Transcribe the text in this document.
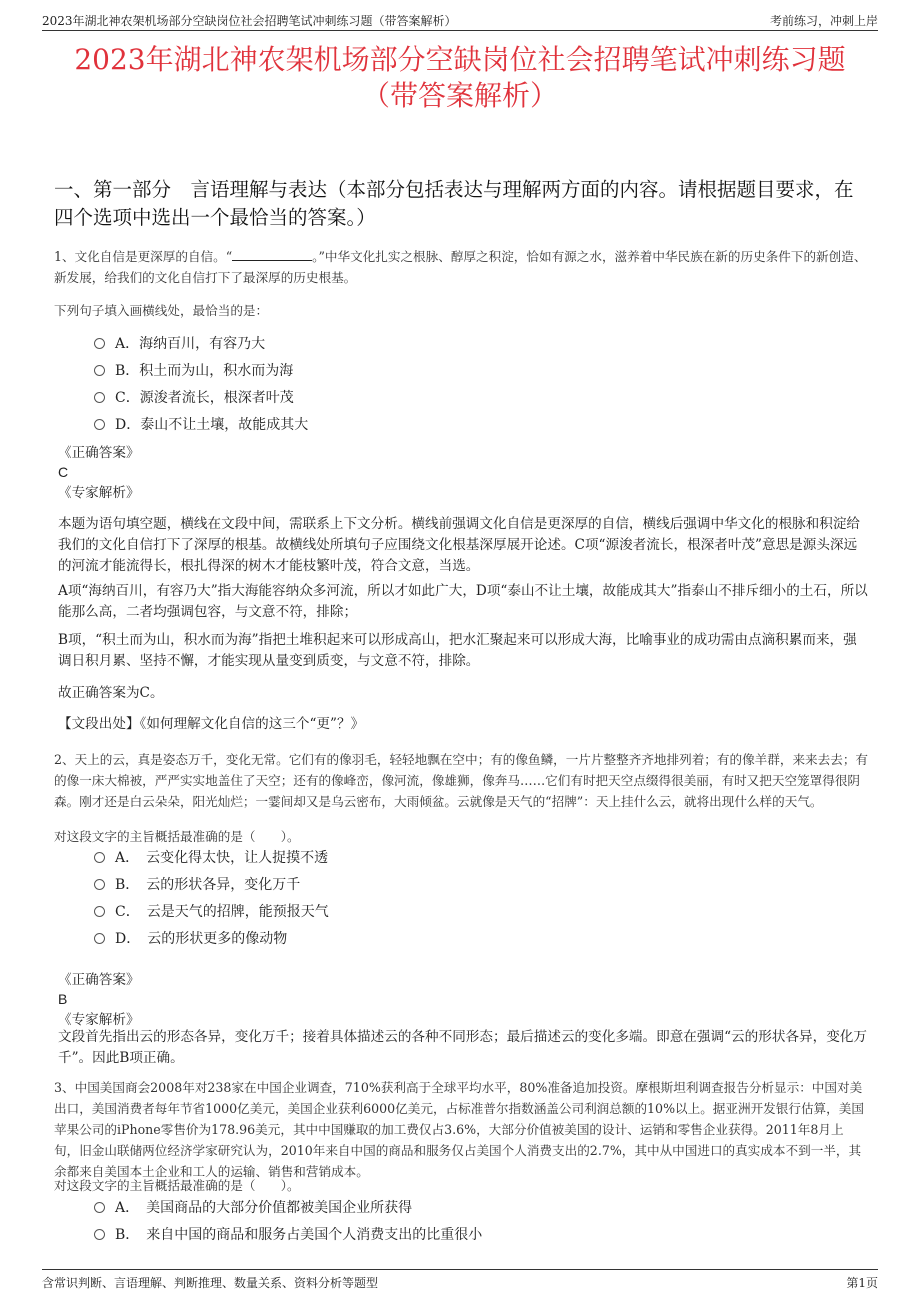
2023年湖北神农架机场部分空缺岗位社会招聘笔试冲刺练习题（带答案解析）	考前练习，冲刺上岸
2023年湖北神农架机场部分空缺岗位社会招聘笔试冲刺练习题
（带答案解析）
一、第一部分　言语理解与表达（本部分包括表达与理解两方面的内容。请根据题目要求，在四个选项中选出一个最恰当的答案。）
1、文化自信是更深厚的自信。“	。”中华文化扎实之根脉、醇厚之积淀，恰如有源之水，滋养着中华民族在新的历史条件下的新创造、新发展，给我们的文化自信打下了最深厚的历史根基。
下列句子填入画横线处，最恰当的是：
A．海纳百川，有容乃大
B．积土而为山，积水而为海
C．源浚者流长，根深者叶茂
D．泰山不让土壤，故能成其大
《正确答案》
C
《专家解析》
本题为语句填空题，横线在文段中间，需联系上下文分析。横线前强调文化自信是更深厚的自信，横线后强调中华文化的根脉和积淀给我们的文化自信打下了深厚的根基。故横线处所填句子应围绕文化根基深厚展开论述。C项“源浚者流长，根深者叶茂”意思是源头深远的河流才能流得长，根扎得深的树木才能枝繁叶茂，符合文意，当选。
A项“海纳百川，有容乃大”指大海能容纳众多河流，所以才如此广大，D项“泰山不让土壤，故能成其大”指泰山不排斥细小的土石，所以能那么高，二者均强调包容，与文意不符，排除；
B项，“积土而为山，积水而为海”指把土堆积起来可以形成高山，把水汇聚起来可以形成大海，比喻事业的成功需由点滴积累而来，强调日积月累、坚持不懈，才能实现从量变到质变，与文意不符，排除。
故正确答案为C。
【文段出处】《如何理解文化自信的这三个“更”？》
2、天上的云，真是姿态万千，变化无常。它们有的像羽毛，轻轻地飘在空中；有的像鱼鳞，一片片整整齐齐地排列着；有的像羊群，来来去去；有的像一床大棉被，严严实实地盖住了天空；还有的像峰峦，像河流，像雄狮，像奔马……它们有时把天空点缀得很美丽，有时又把天空笼罩得很阴森。刚才还是白云朵朵，阳光灿烂；一霎间却又是乌云密布，大雨倾盆。云就像是天气的“招牌”：天上挂什么云，就将出现什么样的天气。
对这段文字的主旨概括最准确的是（　　）。
A．　云变化得太快，让人捉摸不透
B．　云的形状各异，变化万千
C．　云是天气的招牌，能预报天气
D．　云的形状更多的像动物
《正确答案》
B
《专家解析》
文段首先指出云的形态各异，变化万千；接着具体描述云的各种不同形态；最后描述云的变化多端。即意在强调“云的形状各异，变化万千”。因此B项正确。
3、中国美国商会2008年对238家在中国企业调查，710%获利高于全球平均水平，80%准备追加投资。摩根斯坦利调查报告分析显示：中国对美出口，美国消费者每年节省1000亿美元，美国企业获利6000亿美元，占标准普尔指数涵盖公司利润总额的10%以上。据亚洲开发银行估算，美国苹果公司的iPhone零售价为178.96美元，其中中国赚取的加工费仅占3.6%，大部分价值被美国的设计、运销和零售企业获得。2011年8月上旬，旧金山联储两位经济学家研究认为，2010年来自中国的商品和服务仅占美国个人消费支出的2.7%，其中从中国进口的真实成本不到一半，其余都来自美国本土企业和工人的运输、销售和营销成本。
对这段文字的主旨概括最准确的是（　　）。
A．　美国商品的大部分价值都被美国企业所获得
B．　来自中国的商品和服务占美国个人消费支出的比重很小
含常识判断、言语理解、判断推理、数量关系、资料分析等题型	第1页
